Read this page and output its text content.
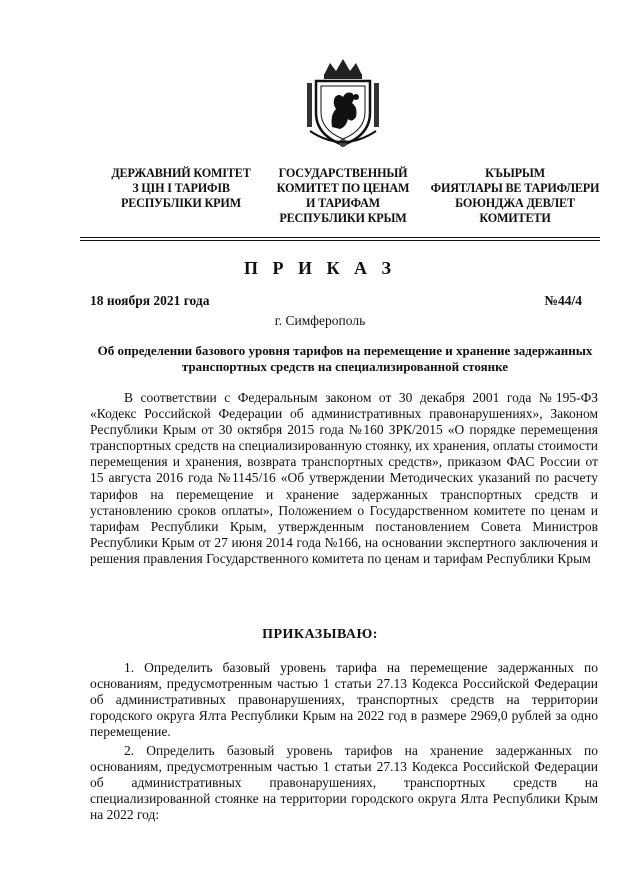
ДЕРЖАВНИЙ КОМІТЕТ
З ЦІН І ТАРИФІВ
РЕСПУБЛІКИ КРИМ
ГОСУДАРСТВЕННЫЙ
КОМИТЕТ ПО ЦЕНАМ
И ТАРИФАМ
РЕСПУБЛИКИ КРЫМ
КЪЫРЫМ
ФИЯТЛАРЫ ВЕ ТАРИФЛЕРИ
БОЮНДЖА ДЕВЛЕТ
КОМИТЕТИ
П Р И К А З
18 ноября 2021 года	№44/4
г. Симферополь
Об определении базового уровня тарифов на перемещение и хранение задержанных транспортных средств на специализированной стоянке
В соответствии с Федеральным законом от 30 декабря 2001 года №195-ФЗ «Кодекс Российской Федерации об административных правонарушениях», Законом Республики Крым от 30 октября 2015 года №160 ЗРК/2015 «О порядке перемещения транспортных средств на специализированную стоянку, их хранения, оплаты стоимости перемещения и хранения, возврата транспортных средств», приказом ФАС России от 15 августа 2016 года №1145/16 «Об утверждении Методических указаний по расчету тарифов на перемещение и хранение задержанных транспортных средств и установлению сроков оплаты», Положением о Государственном комитете по ценам и тарифам Республики Крым, утвержденным постановлением Совета Министров Республики Крым от 27 июня 2014 года №166, на основании экспертного заключения и решения правления Государственного комитета по ценам и тарифам Республики Крым
ПРИКАЗЫВАЮ:
1. Определить базовый уровень тарифа на перемещение задержанных по основаниям, предусмотренным частью 1 статьи 27.13 Кодекса Российской Федерации об административных правонарушениях, транспортных средств на территории городского округа Ялта Республики Крым на 2022 год в размере 2969,0 рублей за одно перемещение.
2. Определить базовый уровень тарифов на хранение задержанных по основаниям, предусмотренным частью 1 статьи 27.13 Кодекса Российской Федерации об административных правонарушениях, транспортных средств на специализированной стоянке на территории городского округа Ялта Республики Крым на 2022 год:
